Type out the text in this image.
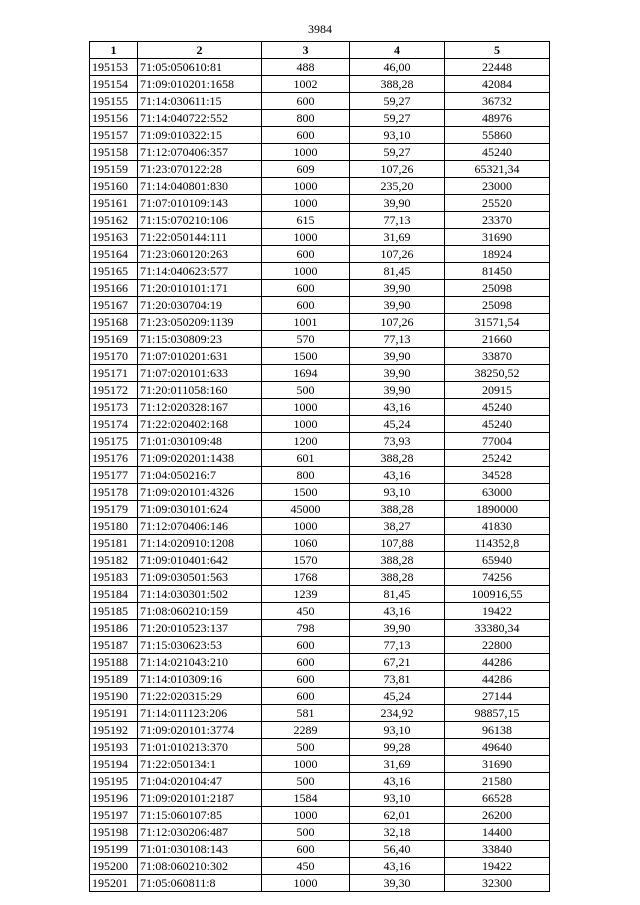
3984
1	2	3	4	5
195153	71:05:050610:81	488	46,00	22448
195154	71:09:010201:1658	1002	388,28	42084
195155	71:14:030611:15	600	59,27	36732
195156	71:14:040722:552	800	59,27	48976
195157	71:09:010322:15	600	93,10	55860
195158	71:12:070406:357	1000	59,27	45240
195159	71:23:070122:28	609	107,26	65321,34
195160	71:14:040801:830	1000	235,20	23000
195161	71:07:010109:143	1000	39,90	25520
195162	71:15:070210:106	615	77,13	23370
195163	71:22:050144:111	1000	31,69	31690
195164	71:23:060120:263	600	107,26	18924
195165	71:14:040623:577	1000	81,45	81450
195166	71:20:010101:171	600	39,90	25098
195167	71:20:030704:19	600	39,90	25098
195168	71:23:050209:1139	1001	107,26	31571,54
195169	71:15:030809:23	570	77,13	21660
195170	71:07:010201:631	1500	39,90	33870
195171	71:07:020101:633	1694	39,90	38250,52
195172	71:20:011058:160	500	39,90	20915
195173	71:12:020328:167	1000	43,16	45240
195174	71:22:020402:168	1000	45,24	45240
195175	71:01:030109:48	1200	73,93	77004
195176	71:09:020201:1438	601	388,28	25242
195177	71:04:050216:7	800	43,16	34528
195178	71:09:020101:4326	1500	93,10	63000
195179	71:09:030101:624	45000	388,28	1890000
195180	71:12:070406:146	1000	38,27	41830
195181	71:14:020910:1208	1060	107,88	114352,8
195182	71:09:010401:642	1570	388,28	65940
195183	71:09:030501:563	1768	388,28	74256
195184	71:14:030301:502	1239	81,45	100916,55
195185	71:08:060210:159	450	43,16	19422
195186	71:20:010523:137	798	39,90	33380,34
195187	71:15:030623:53	600	77,13	22800
195188	71:14:021043:210	600	67,21	44286
195189	71:14:010309:16	600	73,81	44286
195190	71:22:020315:29	600	45,24	27144
195191	71:14:011123:206	581	234,92	98857,15
195192	71:09:020101:3774	2289	93,10	96138
195193	71:01:010213:370	500	99,28	49640
195194	71:22:050134:1	1000	31,69	31690
195195	71:04:020104:47	500	43,16	21580
195196	71:09:020101:2187	1584	93,10	66528
195197	71:15:060107:85	1000	62,01	26200
195198	71:12:030206:487	500	32,18	14400
195199	71:01:030108:143	600	56,40	33840
195200	71:08:060210:302	450	43,16	19422
195201	71:05:060811:8	1000	39,30	32300
